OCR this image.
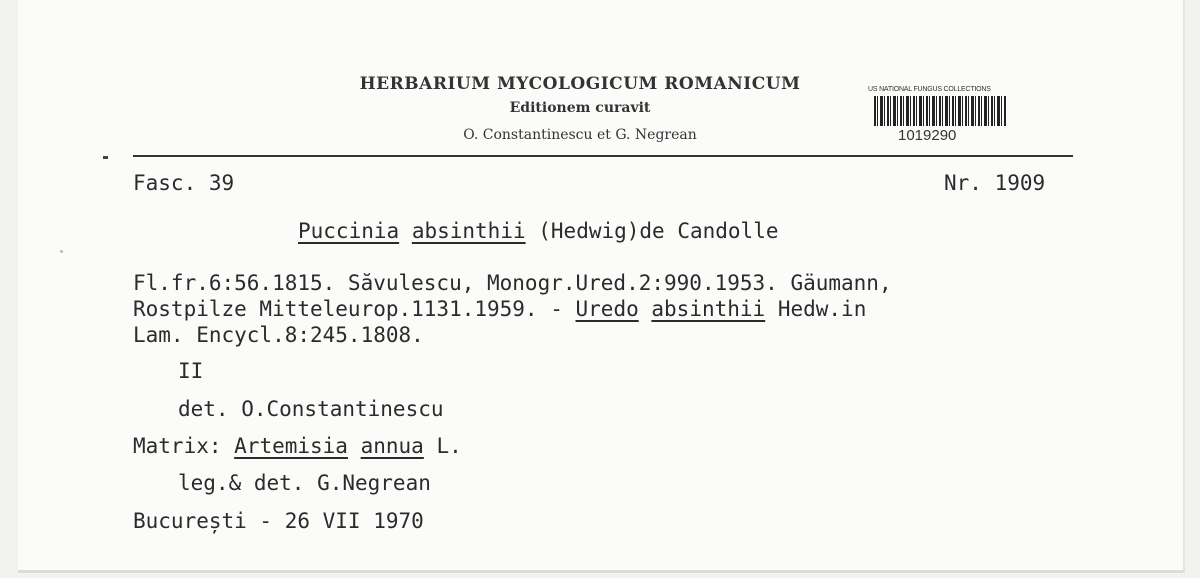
HERBARIUM MYCOLOGICUM ROMANICUM
Editionem curavit
O. Constantinescu et G. Negrean
US NATIONAL FUNGUS COLLECTIONS
1019290
Fasc. 39	Nr. 1909
Puccinia absinthii (Hedwig)de Candolle
Fl.fr.6:56.1815. Săvulescu, Monogr.Ured.2:990.1953. Gäumann,
Rostpilze Mitteleurop.1131.1959. - Uredo absinthii Hedw.in
Lam. Encycl.8:245.1808.
II
det. O.Constantinescu
Matrix: Artemisia annua L.
leg.& det. G.Negrean
București - 26 VII 1970
